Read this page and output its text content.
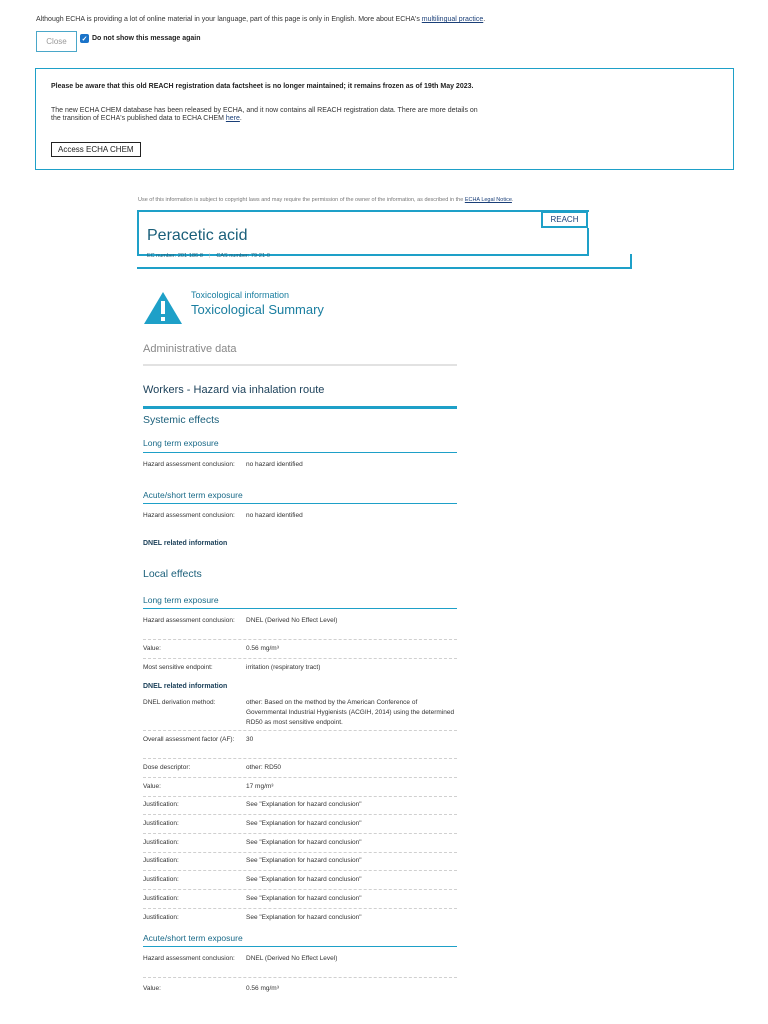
Although ECHA is providing a lot of online material in your language, part of this page is only in English. More about ECHA's multilingual practice.
Close	✓ Do not show this message again
Please be aware that this old REACH registration data factsheet is no longer maintained; it remains frozen as of 19th May 2023.
The new ECHA CHEM database has been released by ECHA, and it now contains all REACH registration data. There are more details on the transition of ECHA's published data to ECHA CHEM here.
Access ECHA CHEM
Use of this information is subject to copyright laws and may require the permission of the owner of the information, as described in the ECHA Legal Notice.
REACH
Peracetic acid
EC number: 201-186-8 | CAS number: 79-21-0
Toxicological information
Toxicological Summary
Administrative data
Workers - Hazard via inhalation route
Systemic effects
Long term exposure
Hazard assessment conclusion:	no hazard identified
Acute/short term exposure
Hazard assessment conclusion:	no hazard identified
DNEL related information
Local effects
Long term exposure
Hazard assessment conclusion:	DNEL (Derived No Effect Level)
Value:	0.56 mg/m³
Most sensitive endpoint:	irritation (respiratory tract)
DNEL related information
DNEL derivation method:	other: Based on the method by the American Conference of Governmental Industrial Hygienists (ACGIH, 2014) using the determined RD50 as most sensitive endpoint.
Overall assessment factor (AF):	30
Dose descriptor:	other: RD50
Value:	17 mg/m³
Justification:	See "Explanation for hazard conclusion"
Justification:	See "Explanation for hazard conclusion"
Justification:	See "Explanation for hazard conclusion"
Justification:	See "Explanation for hazard conclusion"
Justification:	See "Explanation for hazard conclusion"
Justification:	See "Explanation for hazard conclusion"
Justification:	See "Explanation for hazard conclusion"
Acute/short term exposure
Hazard assessment conclusion:	DNEL (Derived No Effect Level)
Value:	0.56 mg/m³
